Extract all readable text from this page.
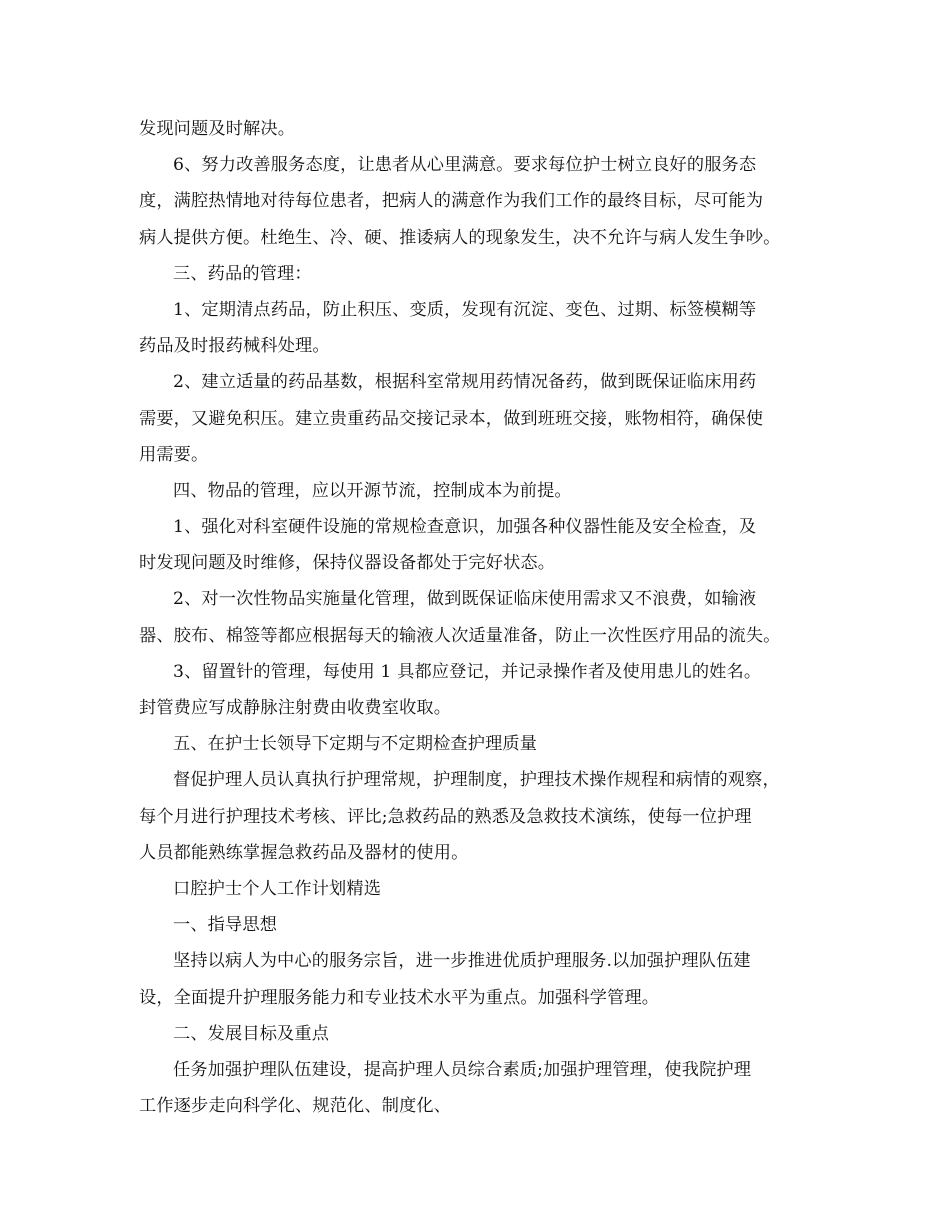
发现问题及时解决。
6、努力改善服务态度，让患者从心里满意。要求每位护士树立良好的服务态
度，满腔热情地对待每位患者，把病人的满意作为我们工作的最终目标，尽可能为
病人提供方便。杜绝生、冷、硬、推诿病人的现象发生，决不允许与病人发生争吵。
三、药品的管理：
1、定期清点药品，防止积压、变质，发现有沉淀、变色、过期、标签模糊等
药品及时报药械科处理。
2、建立适量的药品基数，根据科室常规用药情况备药，做到既保证临床用药
需要，又避免积压。建立贵重药品交接记录本，做到班班交接，账物相符，确保使
用需要。
四、物品的管理，应以开源节流，控制成本为前提。
1、强化对科室硬件设施的常规检查意识，加强各种仪器性能及安全检查，及
时发现问题及时维修，保持仪器设备都处于完好状态。
2、对一次性物品实施量化管理，做到既保证临床使用需求又不浪费，如输液
器、胶布、棉签等都应根据每天的输液人次适量准备，防止一次性医疗用品的流失。
3、留置针的管理，每使用 1 具都应登记，并记录操作者及使用患儿的姓名。
封管费应写成静脉注射费由收费室收取。
五、在护士长领导下定期与不定期检查护理质量
督促护理人员认真执行护理常规，护理制度，护理技术操作规程和病情的观察，
每个月进行护理技术考核、评比;急救药品的熟悉及急救技术演练，使每一位护理
人员都能熟练掌握急救药品及器材的使用。
口腔护士个人工作计划精选
一、指导思想
坚持以病人为中心的服务宗旨，进一步推进优质护理服务.以加强护理队伍建
设，全面提升护理服务能力和专业技术水平为重点。加强科学管理。
二、发展目标及重点
任务加强护理队伍建设，提高护理人员综合素质;加强护理管理，使我院护理
工作逐步走向科学化、规范化、制度化、
